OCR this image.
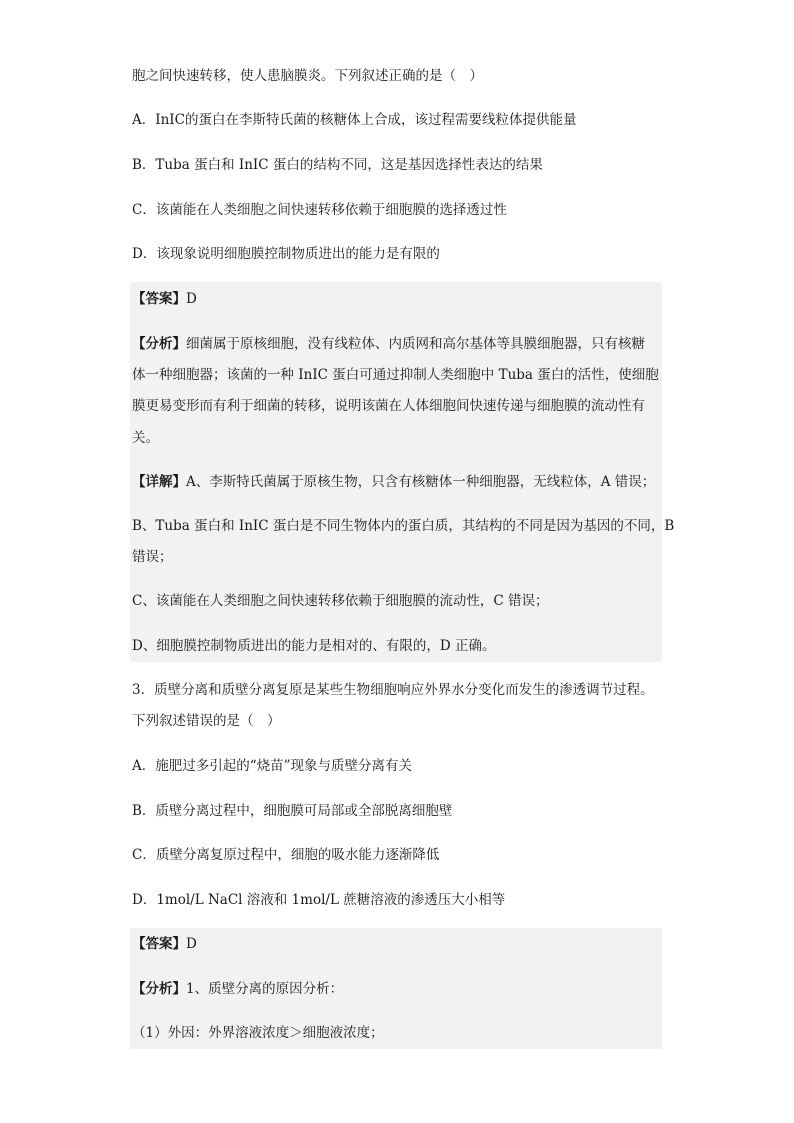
胞之间快速转移，使人患脑膜炎。下列叙述正确的是（　）
A．InIC的蛋白在李斯特氏菌的核糖体上合成，该过程需要线粒体提供能量
B．Tuba 蛋白和 InIC 蛋白的结构不同，这是基因选择性表达的结果
C．该菌能在人类细胞之间快速转移依赖于细胞膜的选择透过性
D．该现象说明细胞膜控制物质进出的能力是有限的
【答案】D
【分析】细菌属于原核细胞，没有线粒体、内质网和高尔基体等具膜细胞器，只有核糖
体一种细胞器；该菌的一种 InIC 蛋白可通过抑制人类细胞中 Tuba 蛋白的活性，使细胞
膜更易变形而有利于细菌的转移，说明该菌在人体细胞间快速传递与细胞膜的流动性有
关。
【详解】A、李斯特氏菌属于原核生物，只含有核糖体一种细胞器，无线粒体，A 错误；
B、Tuba 蛋白和 InIC 蛋白是不同生物体内的蛋白质，其结构的不同是因为基因的不同，B
错误；
C、该菌能在人类细胞之间快速转移依赖于细胞膜的流动性，C 错误；
D、细胞膜控制物质进出的能力是相对的、有限的，D 正确。
3．质壁分离和质壁分离复原是某些生物细胞响应外界水分变化而发生的渗透调节过程。
下列叙述错误的是（　）
A．施肥过多引起的“烧苗”现象与质壁分离有关
B．质壁分离过程中，细胞膜可局部或全部脱离细胞壁
C．质壁分离复原过程中，细胞的吸水能力逐渐降低
D．1mol/L NaCl 溶液和 1mol/L 蔗糖溶液的渗透压大小相等
【答案】D
【分析】1、质壁分离的原因分析：
（1）外因：外界溶液浓度＞细胞液浓度；
